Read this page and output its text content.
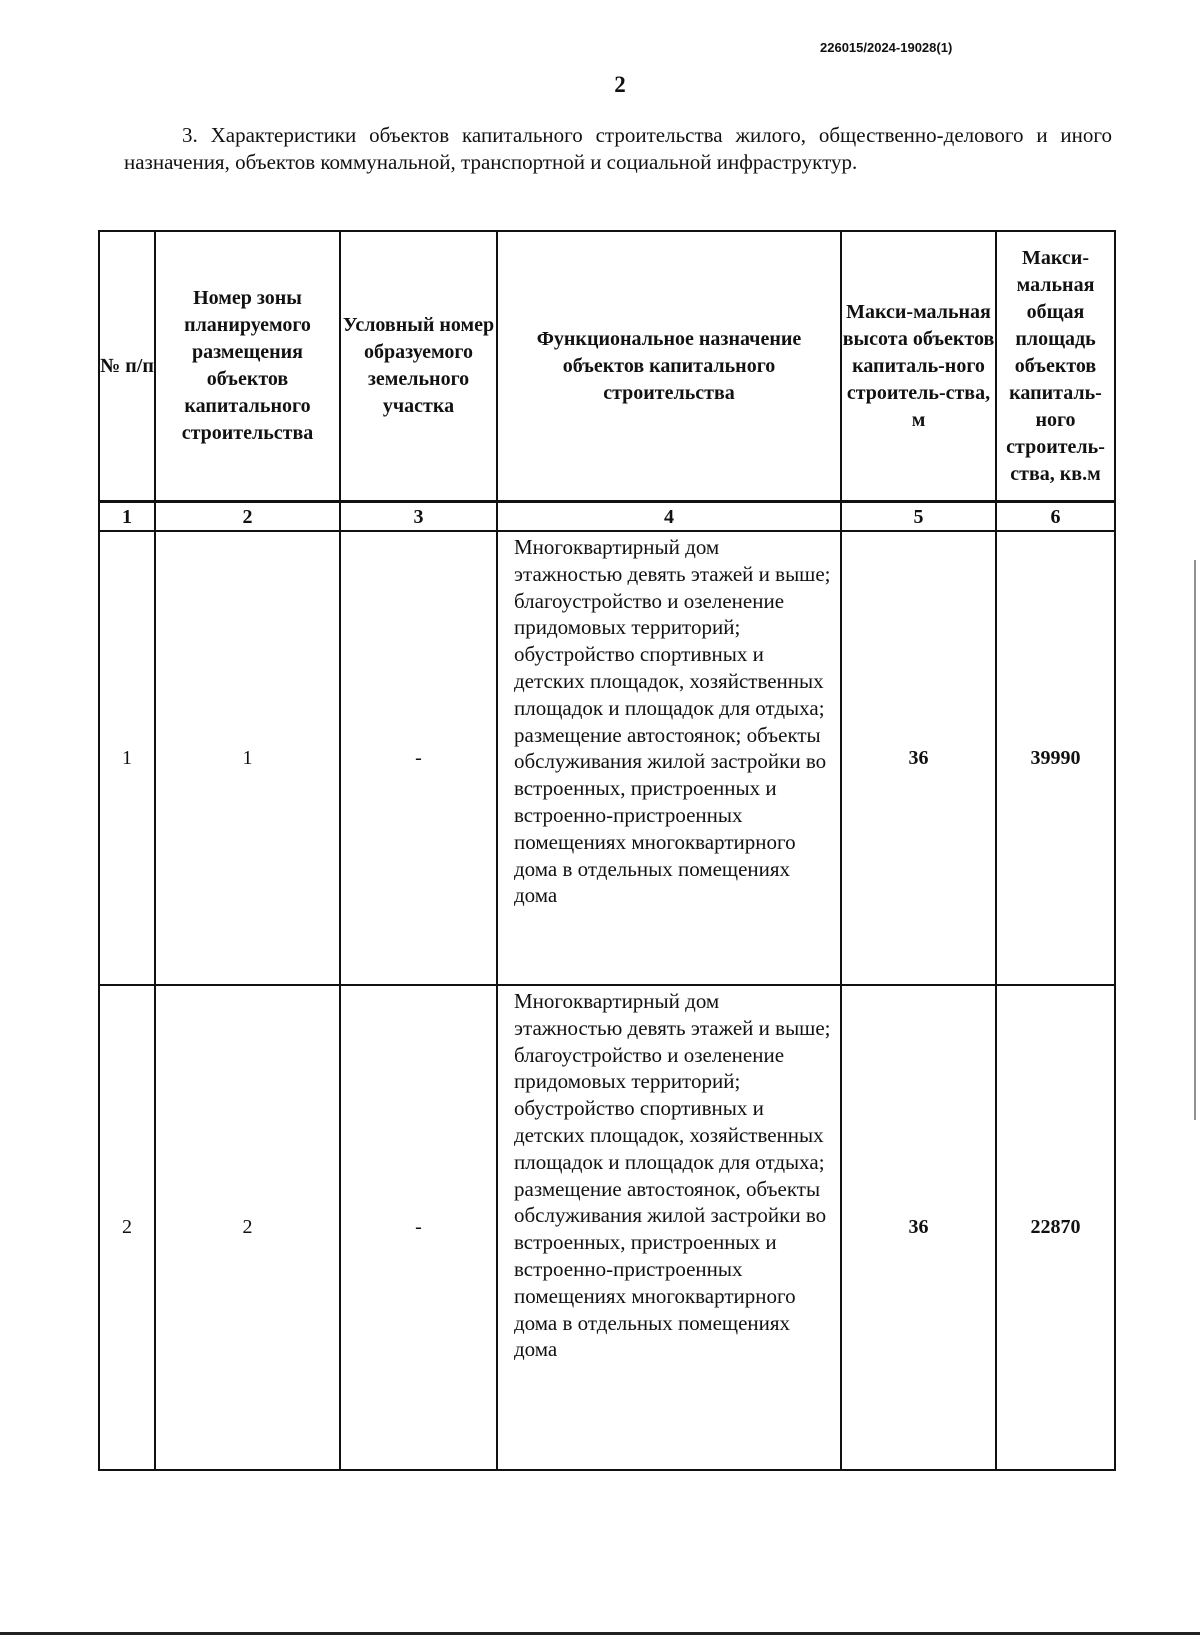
226015/2024-19028(1)
2

3. Характеристики объектов капитального строительства жилого, общественно-делового и иного назначения, объектов коммунальной, транспортной и социальной инфраструктур.

№ п/п	Номер зоны планируемого размещения объектов капитального строительства	Условный номер образуемого земельного участка	Функциональное назначение объектов капитального строительства	Макси-мальная высота объектов капиталь-ного строитель-ства, м	Макси-мальная общая площадь объектов капиталь-ного строитель-ства, кв.м
1	2	3	4	5	6
1	1	-	Многоквартирный дом этажностью девять этажей и выше; благоустройство и озеленение придомовых территорий; обустройство спортивных и детских площадок, хозяйственных площадок и площадок для отдыха; размещение автостоянок; объекты обслуживания жилой застройки во встроенных, пристроенных и встроенно-пристроенных помещениях многоквартирного дома в отдельных помещениях дома	36	39990
2	2	-	Многоквартирный дом этажностью девять этажей и выше; благоустройство и озеленение придомовых территорий; обустройство спортивных и детских площадок, хозяйственных площадок и площадок для отдыха; размещение автостоянок, объекты обслуживания жилой застройки во встроенных, пристроенных и встроенно-пристроенных помещениях многоквартирного дома в отдельных помещениях дома	36	22870
